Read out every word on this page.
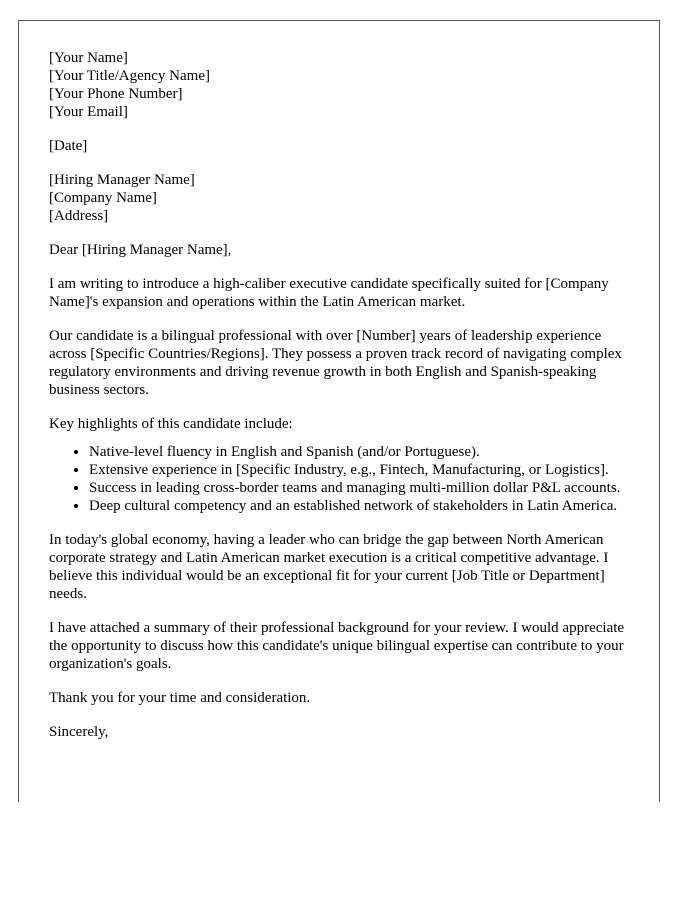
[Your Name]
[Your Title/Agency Name]
[Your Phone Number]
[Your Email]
[Date]
[Hiring Manager Name]
[Company Name]
[Address]

Dear [Hiring Manager Name],

I am writing to introduce a high-caliber executive candidate specifically suited for [Company Name]'s expansion and operations within the Latin American market.

Our candidate is a bilingual professional with over [Number] years of leadership experience across [Specific Countries/Regions]. They possess a proven track record of navigating complex regulatory environments and driving revenue growth in both English and Spanish-speaking business sectors.

Key highlights of this candidate include:

• Native-level fluency in English and Spanish (and/or Portuguese).
• Extensive experience in [Specific Industry, e.g., Fintech, Manufacturing, or Logistics].
• Success in leading cross-border teams and managing multi-million dollar P&L accounts.
• Deep cultural competency and an established network of stakeholders in Latin America.

In today's global economy, having a leader who can bridge the gap between North American corporate strategy and Latin American market execution is a critical competitive advantage. I believe this individual would be an exceptional fit for your current [Job Title or Department] needs.

I have attached a summary of their professional background for your review. I would appreciate the opportunity to discuss how this candidate's unique bilingual expertise can contribute to your organization's goals.

Thank you for your time and consideration.

Sincerely,
